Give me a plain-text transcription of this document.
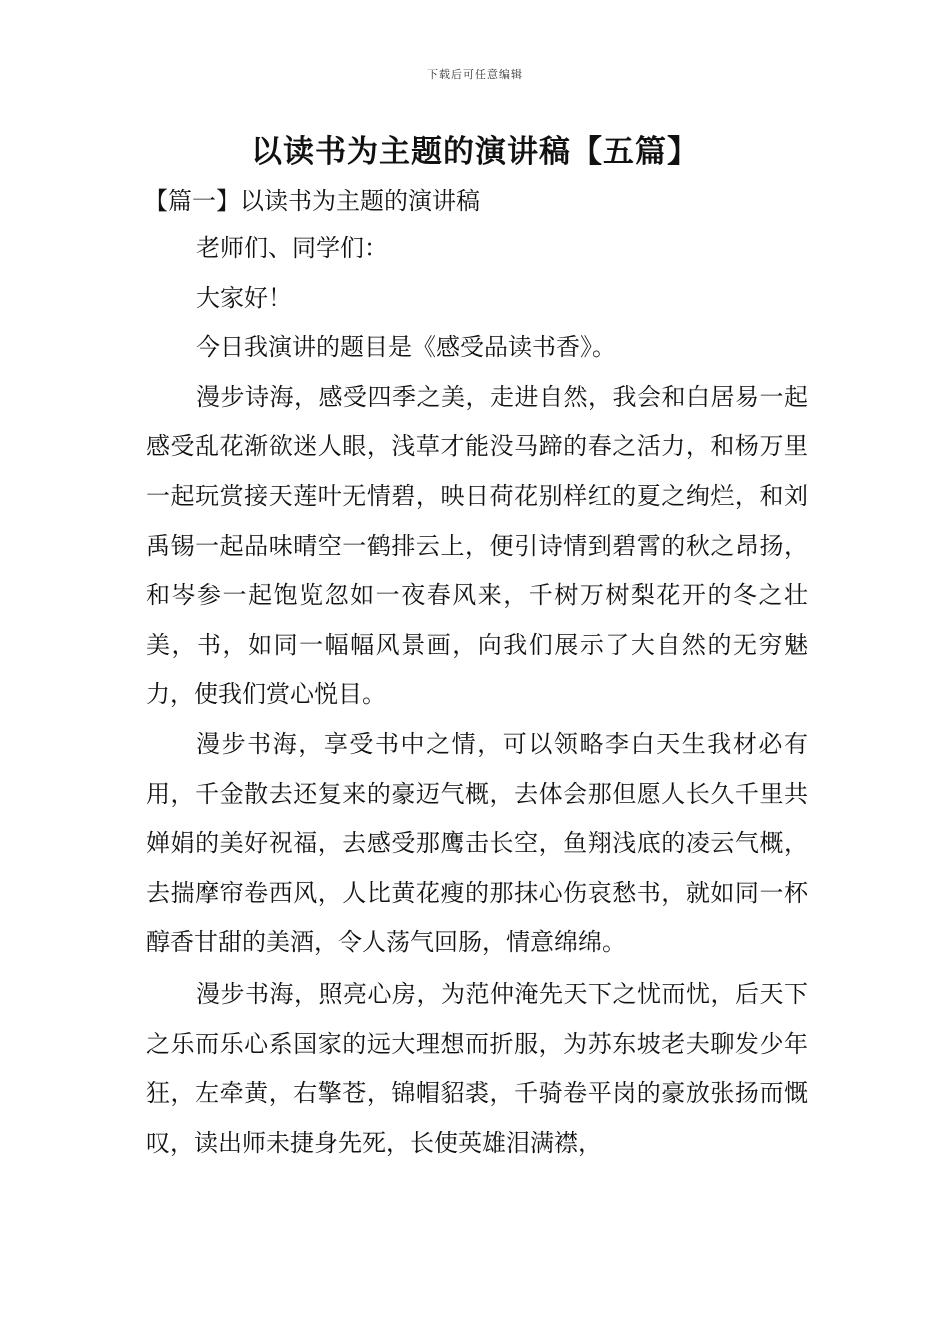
下载后可任意编辑
以读书为主题的演讲稿【五篇】
【篇一】以读书为主题的演讲稿

老师们、同学们：

大家好！

今日我演讲的题目是《感受品读书香》。

漫步诗海，感受四季之美，走进自然，我会和白居易一起感受乱花渐欲迷人眼，浅草才能没马蹄的春之活力，和杨万里一起玩赏接天莲叶无情碧，映日荷花别样红的夏之绚烂，和刘禹锡一起品味晴空一鹤排云上，便引诗情到碧霄的秋之昂扬，和岑参一起饱览忽如一夜春风来，千树万树梨花开的冬之壮美，书，如同一幅幅风景画，向我们展示了大自然的无穷魅力，使我们赏心悦目。

漫步书海，享受书中之情，可以领略李白天生我材必有用，千金散去还复来的豪迈气概，去体会那但愿人长久千里共婵娟的美好祝福，去感受那鹰击长空，鱼翔浅底的凌云气概，去揣摩帘卷西风，人比黄花瘦的那抹心伤哀愁书，就如同一杯醇香甘甜的美酒，令人荡气回肠，情意绵绵。

漫步书海，照亮心房，为范仲淹先天下之忧而忧，后天下之乐而乐心系国家的远大理想而折服，为苏东坡老夫聊发少年狂，左牵黄，右擎苍，锦帽貂裘，千骑卷平岗的豪放张扬而慨叹，读出师未捷身先死，长使英雄泪满襟，
